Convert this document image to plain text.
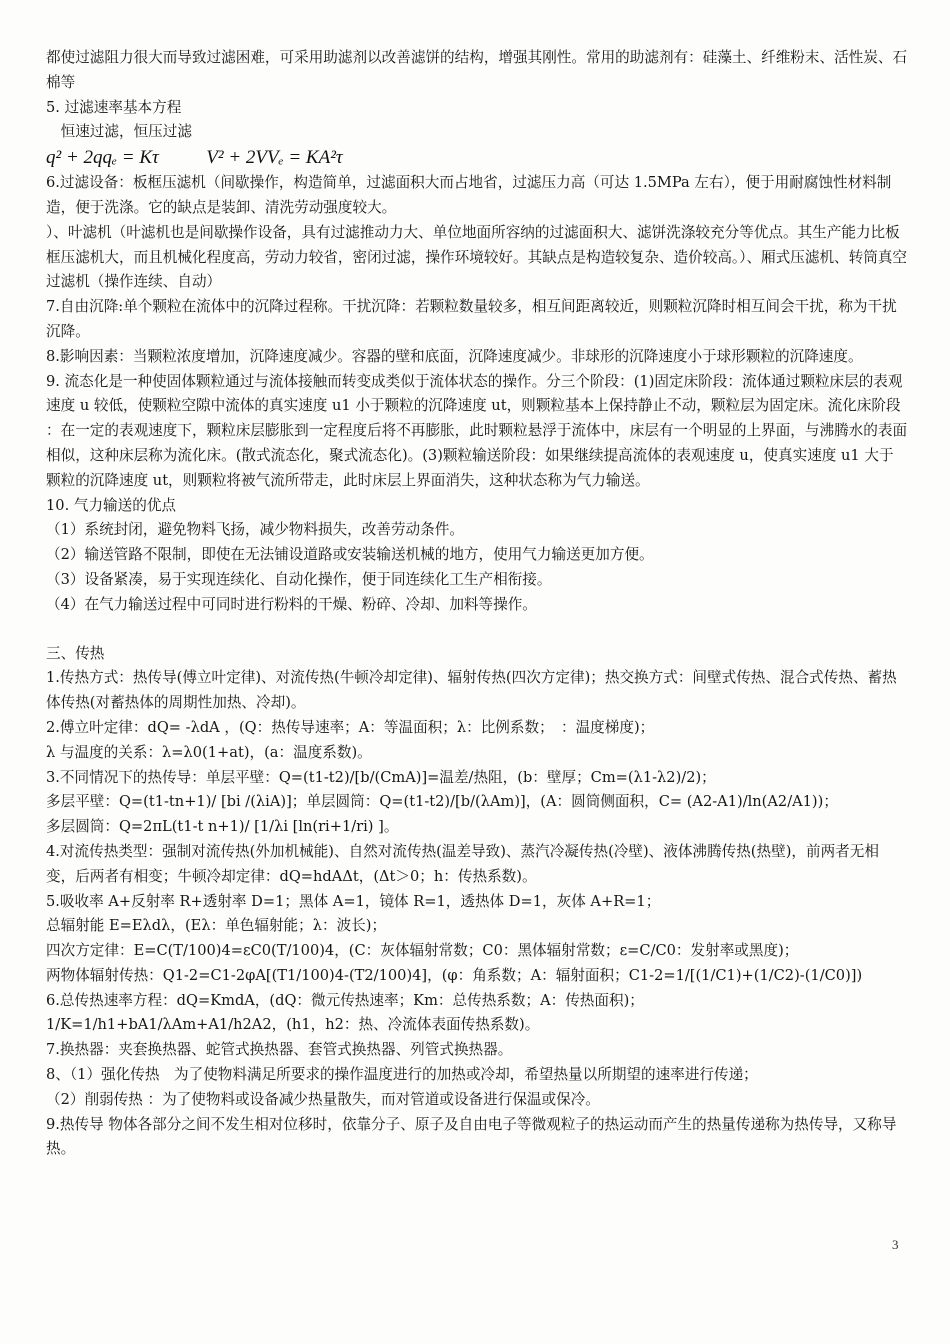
都使过滤阻力很大而导致过滤困难，可采用助滤剂以改善滤饼的结构，增强其刚性。常用的助滤剂有：硅藻土、纤维粉末、活性炭、石棉等

5. 过滤速率基本方程

　恒速过滤，恒压过滤

q² + 2qqₑ = Kτ          V² + 2VVₑ = KA²τ

6.过滤设备：板框压滤机（间歇操作，构造简单，过滤面积大而占地省，过滤压力高（可达 1.5MPa 左右），便于用耐腐蚀性材料制造，便于洗涤。它的缺点是装卸、清洗劳动强度较大。

）、叶滤机（叶滤机也是间歇操作设备，具有过滤推动力大、单位地面所容纳的过滤面积大、滤饼洗涤较充分等优点。其生产能力比板框压滤机大，而且机械化程度高，劳动力较省，密闭过滤，操作环境较好。其缺点是构造较复杂、造价较高。）、厢式压滤机、转筒真空过滤机（操作连续、自动）

7.自由沉降:单个颗粒在流体中的沉降过程称。干扰沉降：若颗粒数量较多，相互间距离较近，则颗粒沉降时相互间会干扰，称为干扰沉降。

8.影响因素：当颗粒浓度增加，沉降速度减少。容器的壁和底面，沉降速度减少。非球形的沉降速度小于球形颗粒的沉降速度。

9. 流态化是一种使固体颗粒通过与流体接触而转变成类似于流体状态的操作。分三个阶段：(1)固定床阶段：流体通过颗粒床层的表观速度 u 较低，使颗粒空隙中流体的真实速度 u1 小于颗粒的沉降速度 ut，则颗粒基本上保持静止不动，颗粒层为固定床。流化床阶段 ：在一定的表观速度下，颗粒床层膨胀到一定程度后将不再膨胀，此时颗粒悬浮于流体中，床层有一个明显的上界面，与沸腾水的表面相似，这种床层称为流化床。(散式流态化，聚式流态化)。(3)颗粒输送阶段：如果继续提高流体的表观速度 u，使真实速度 u1 大于颗粒的沉降速度 ut，则颗粒将被气流所带走，此时床层上界面消失，这种状态称为气力输送。

10. 气力输送的优点

（1）系统封闭，避免物料飞扬，减少物料损失，改善劳动条件。

（2）输送管路不限制，即使在无法铺设道路或安装输送机械的地方，使用气力输送更加方便。

（3）设备紧凑，易于实现连续化、自动化操作，便于同连续化工生产相衔接。

（4）在气力输送过程中可同时进行粉料的干燥、粉碎、冷却、加料等操作。

三、传热

1.传热方式：热传导(傅立叶定律)、对流传热(牛顿冷却定律)、辐射传热(四次方定律)；热交换方式：间壁式传热、混合式传热、蓄热体传热(对蓄热体的周期性加热、冷却)。

2.傅立叶定律：dQ= -λdA ，(Q：热传导速率；A：等温面积；λ：比例系数；　：温度梯度)；

λ 与温度的关系：λ=λ0(1+at)，(a：温度系数)。

3.不同情况下的热传导：单层平壁：Q=(t1-t2)/[b/(CmA)]=温差/热阻，(b：壁厚；Cm=(λ1-λ2)/2)；

多层平壁：Q=(t1-tn+1)/ [bi /(λiA)]；单层圆筒：Q=(t1-t2)/[b/(λAm)]，(A：圆筒侧面积，C= (A2-A1)/ln(A2/A1))；

多层圆筒：Q=2πL(t1-t n+1)/ [1/λi [ln(ri+1/ri) ]。

4.对流传热类型：强制对流传热(外加机械能)、自然对流传热(温差导致)、蒸汽冷凝传热(冷壁)、液体沸腾传热(热壁)，前两者无相变，后两者有相变；牛顿冷却定律：dQ=hdAΔt，(Δt＞0；h：传热系数)。

5.吸收率 A+反射率 R+透射率 D=1；黑体 A=1，镜体 R=1，透热体 D=1，灰体 A+R=1；

总辐射能 E=Eλdλ，(Eλ：单色辐射能；λ：波长)；

四次方定律：E=C(T/100)4=εC0(T/100)4，(C：灰体辐射常数；C0：黑体辐射常数；ε=C/C0：发射率或黑度)；

两物体辐射传热：Q1-2=C1-2φA[(T1/100)4-(T2/100)4]，(φ：角系数；A：辐射面积；C1-2=1/[(1/C1)+(1/C2)-(1/C0)])

6.总传热速率方程：dQ=KmdA，(dQ：微元传热速率；Km：总传热系数；A：传热面积)；

1/K=1/h1+bA1/λAm+A1/h2A2，(h1，h2：热、冷流体表面传热系数)。

7.换热器：夹套换热器、蛇管式换热器、套管式换热器、列管式换热器。

8、（1）强化传热　为了使物料满足所要求的操作温度进行的加热或冷却，希望热量以所期望的速率进行传递；

（2）削弱传热 ：为了使物料或设备减少热量散失，而对管道或设备进行保温或保冷。

9.热传导 物体各部分之间不发生相对位移时，依靠分子、原子及自由电子等微观粒子的热运动而产生的热量传递称为热传导，又称导热。

3
